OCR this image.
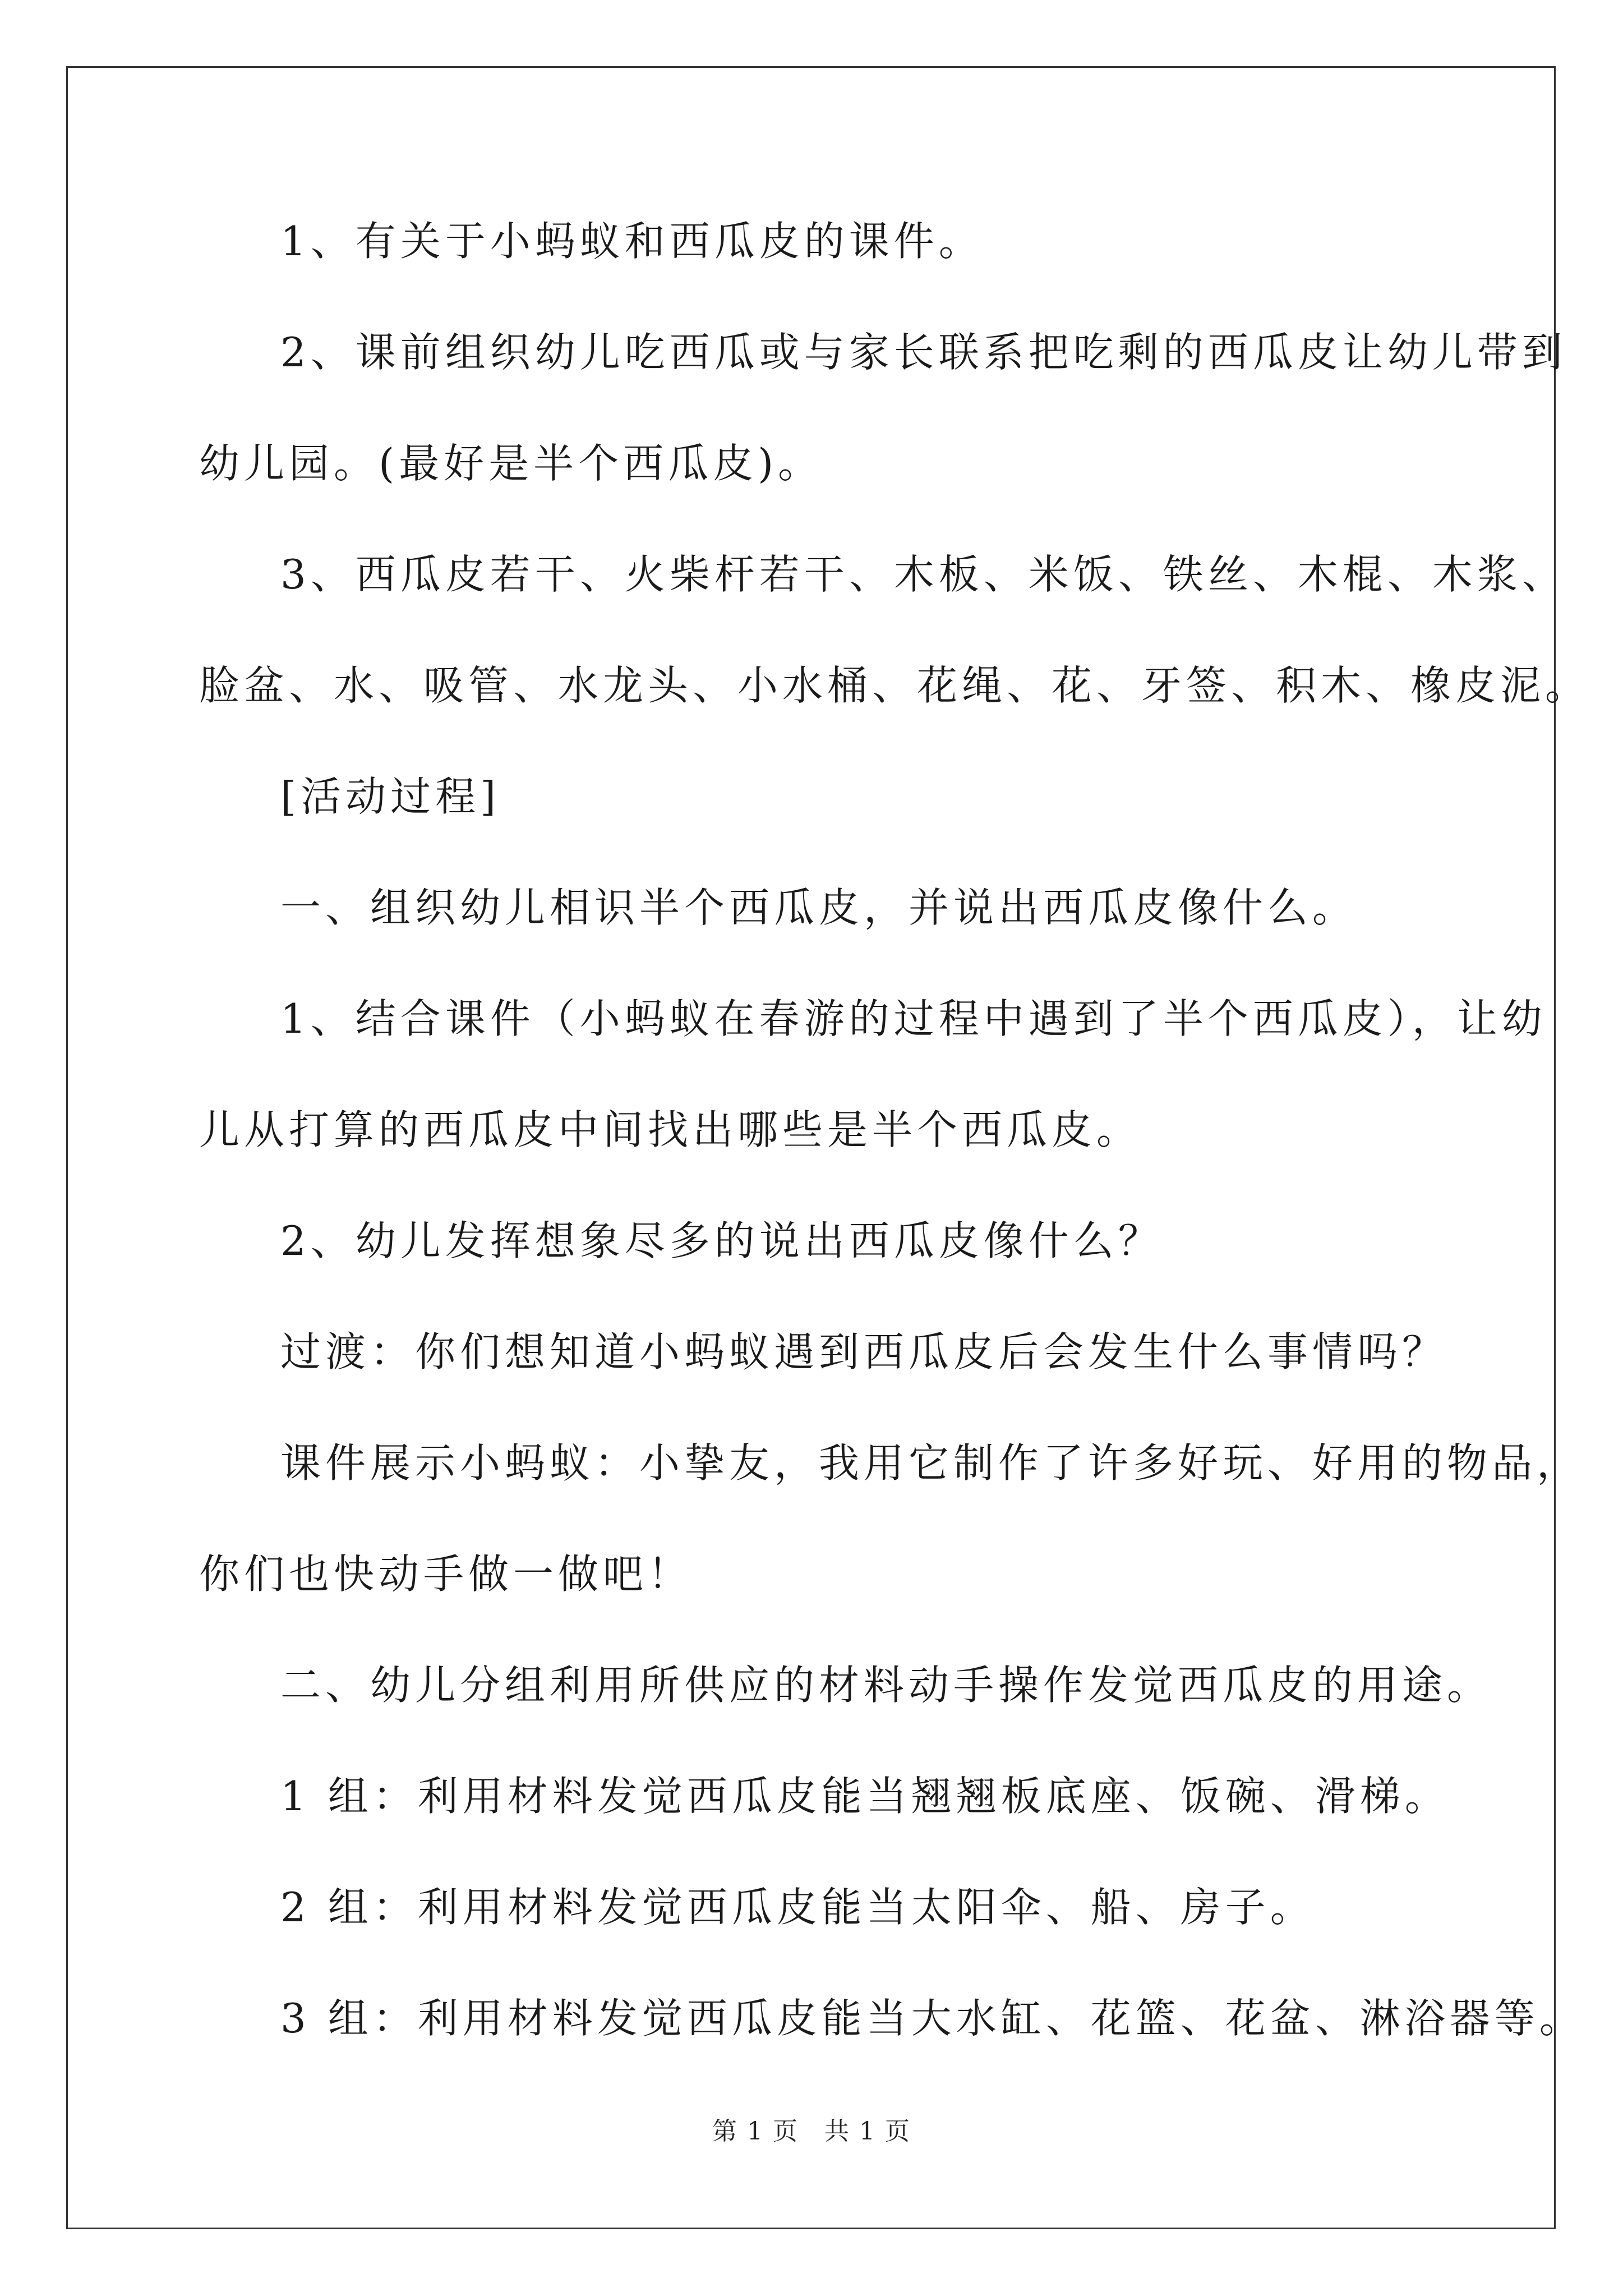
1、有关于小蚂蚁和西瓜皮的课件。
2、课前组织幼儿吃西瓜或与家长联系把吃剩的西瓜皮让幼儿带到
幼儿园。(最好是半个西瓜皮)。
3、西瓜皮若干、火柴杆若干、木板、米饭、铁丝、木棍、木浆、
脸盆、水、吸管、水龙头、小水桶、花绳、花、牙签、积木、橡皮泥。
[活动过程]
一、组织幼儿相识半个西瓜皮，并说出西瓜皮像什么。
1、结合课件（小蚂蚁在春游的过程中遇到了半个西瓜皮），让幼
儿从打算的西瓜皮中间找出哪些是半个西瓜皮。
2、幼儿发挥想象尽多的说出西瓜皮像什么？
过渡：你们想知道小蚂蚁遇到西瓜皮后会发生什么事情吗？
课件展示小蚂蚁：小挚友，我用它制作了许多好玩、好用的物品，
你们也快动手做一做吧！
二、幼儿分组利用所供应的材料动手操作发觉西瓜皮的用途。
1 组：利用材料发觉西瓜皮能当翘翘板底座、饭碗、滑梯。
2 组：利用材料发觉西瓜皮能当太阳伞、船、房子。
3 组：利用材料发觉西瓜皮能当大水缸、花篮、花盆、淋浴器等。
第 1 页　共 1 页
